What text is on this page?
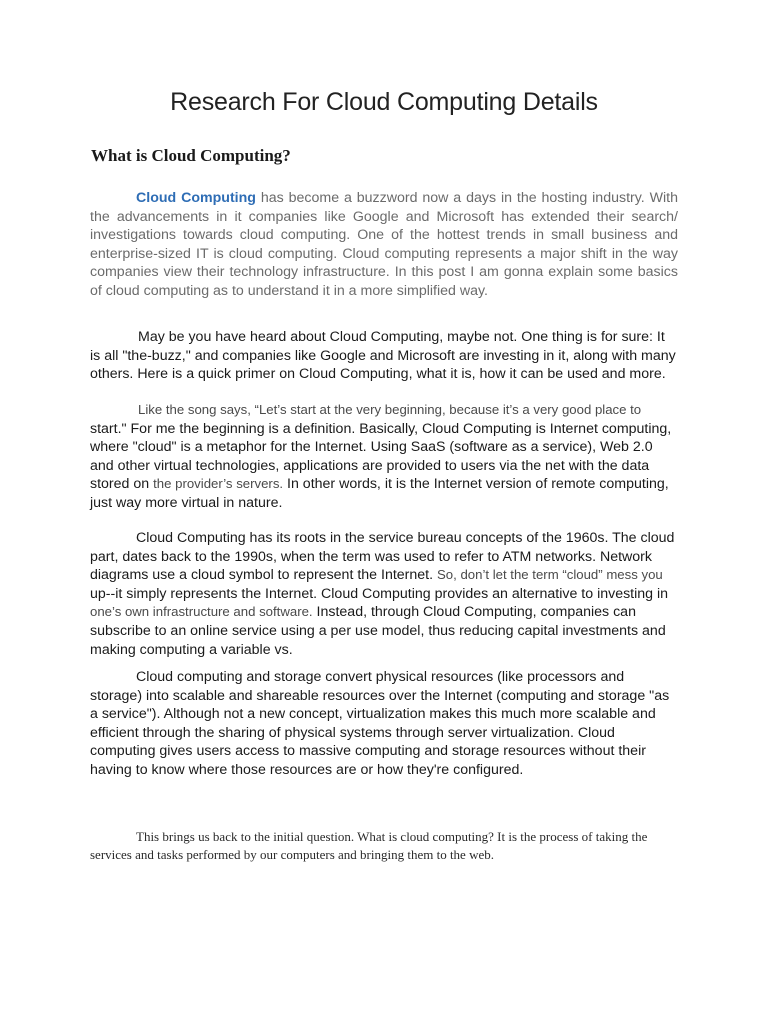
Research For Cloud Computing Details
What is Cloud Computing?

Cloud Computing has become a buzzword now a days in the hosting industry. With the advancements in it companies like Google and Microsoft has extended their search/ investigations towards cloud computing. One of the hottest trends in small business and enterprise-sized IT is cloud computing. Cloud computing represents a major shift in the way companies view their technology infrastructure. In this post I am gonna explain some basics of cloud computing as to understand it in a more simplified way.

May be you have heard about Cloud Computing, maybe not. One thing is for sure: It is all "the-buzz," and companies like Google and Microsoft are investing in it, along with many others. Here is a quick primer on Cloud Computing, what it is, how it can be used and more.

Like the song says, “Let’s start at the very beginning, because it’s a very good place to start." For me the beginning is a definition. Basically, Cloud Computing is Internet computing, where "cloud" is a metaphor for the Internet. Using SaaS (software as a service), Web 2.0 and other virtual technologies, applications are provided to users via the net with the data stored on the provider’s servers. In other words, it is the Internet version of remote computing, just way more virtual in nature.

Cloud Computing has its roots in the service bureau concepts of the 1960s. The cloud part, dates back to the 1990s, when the term was used to refer to ATM networks. Network diagrams use a cloud symbol to represent the Internet. So, don’t let the term “cloud” mess you up--it simply represents the Internet. Cloud Computing provides an alternative to investing in one’s own infrastructure and software. Instead, through Cloud Computing, companies can subscribe to an online service using a per use model, thus reducing capital investments and making computing a variable vs.

Cloud computing and storage convert physical resources (like processors and storage) into scalable and shareable resources over the Internet (computing and storage "as a service"). Although not a new concept, virtualization makes this much more scalable and efficient through the sharing of physical systems through server virtualization. Cloud computing gives users access to massive computing and storage resources without their having to know where those resources are or how they're configured.

This brings us back to the initial question. What is cloud computing? It is the process of taking the services and tasks performed by our computers and bringing them to the web.
